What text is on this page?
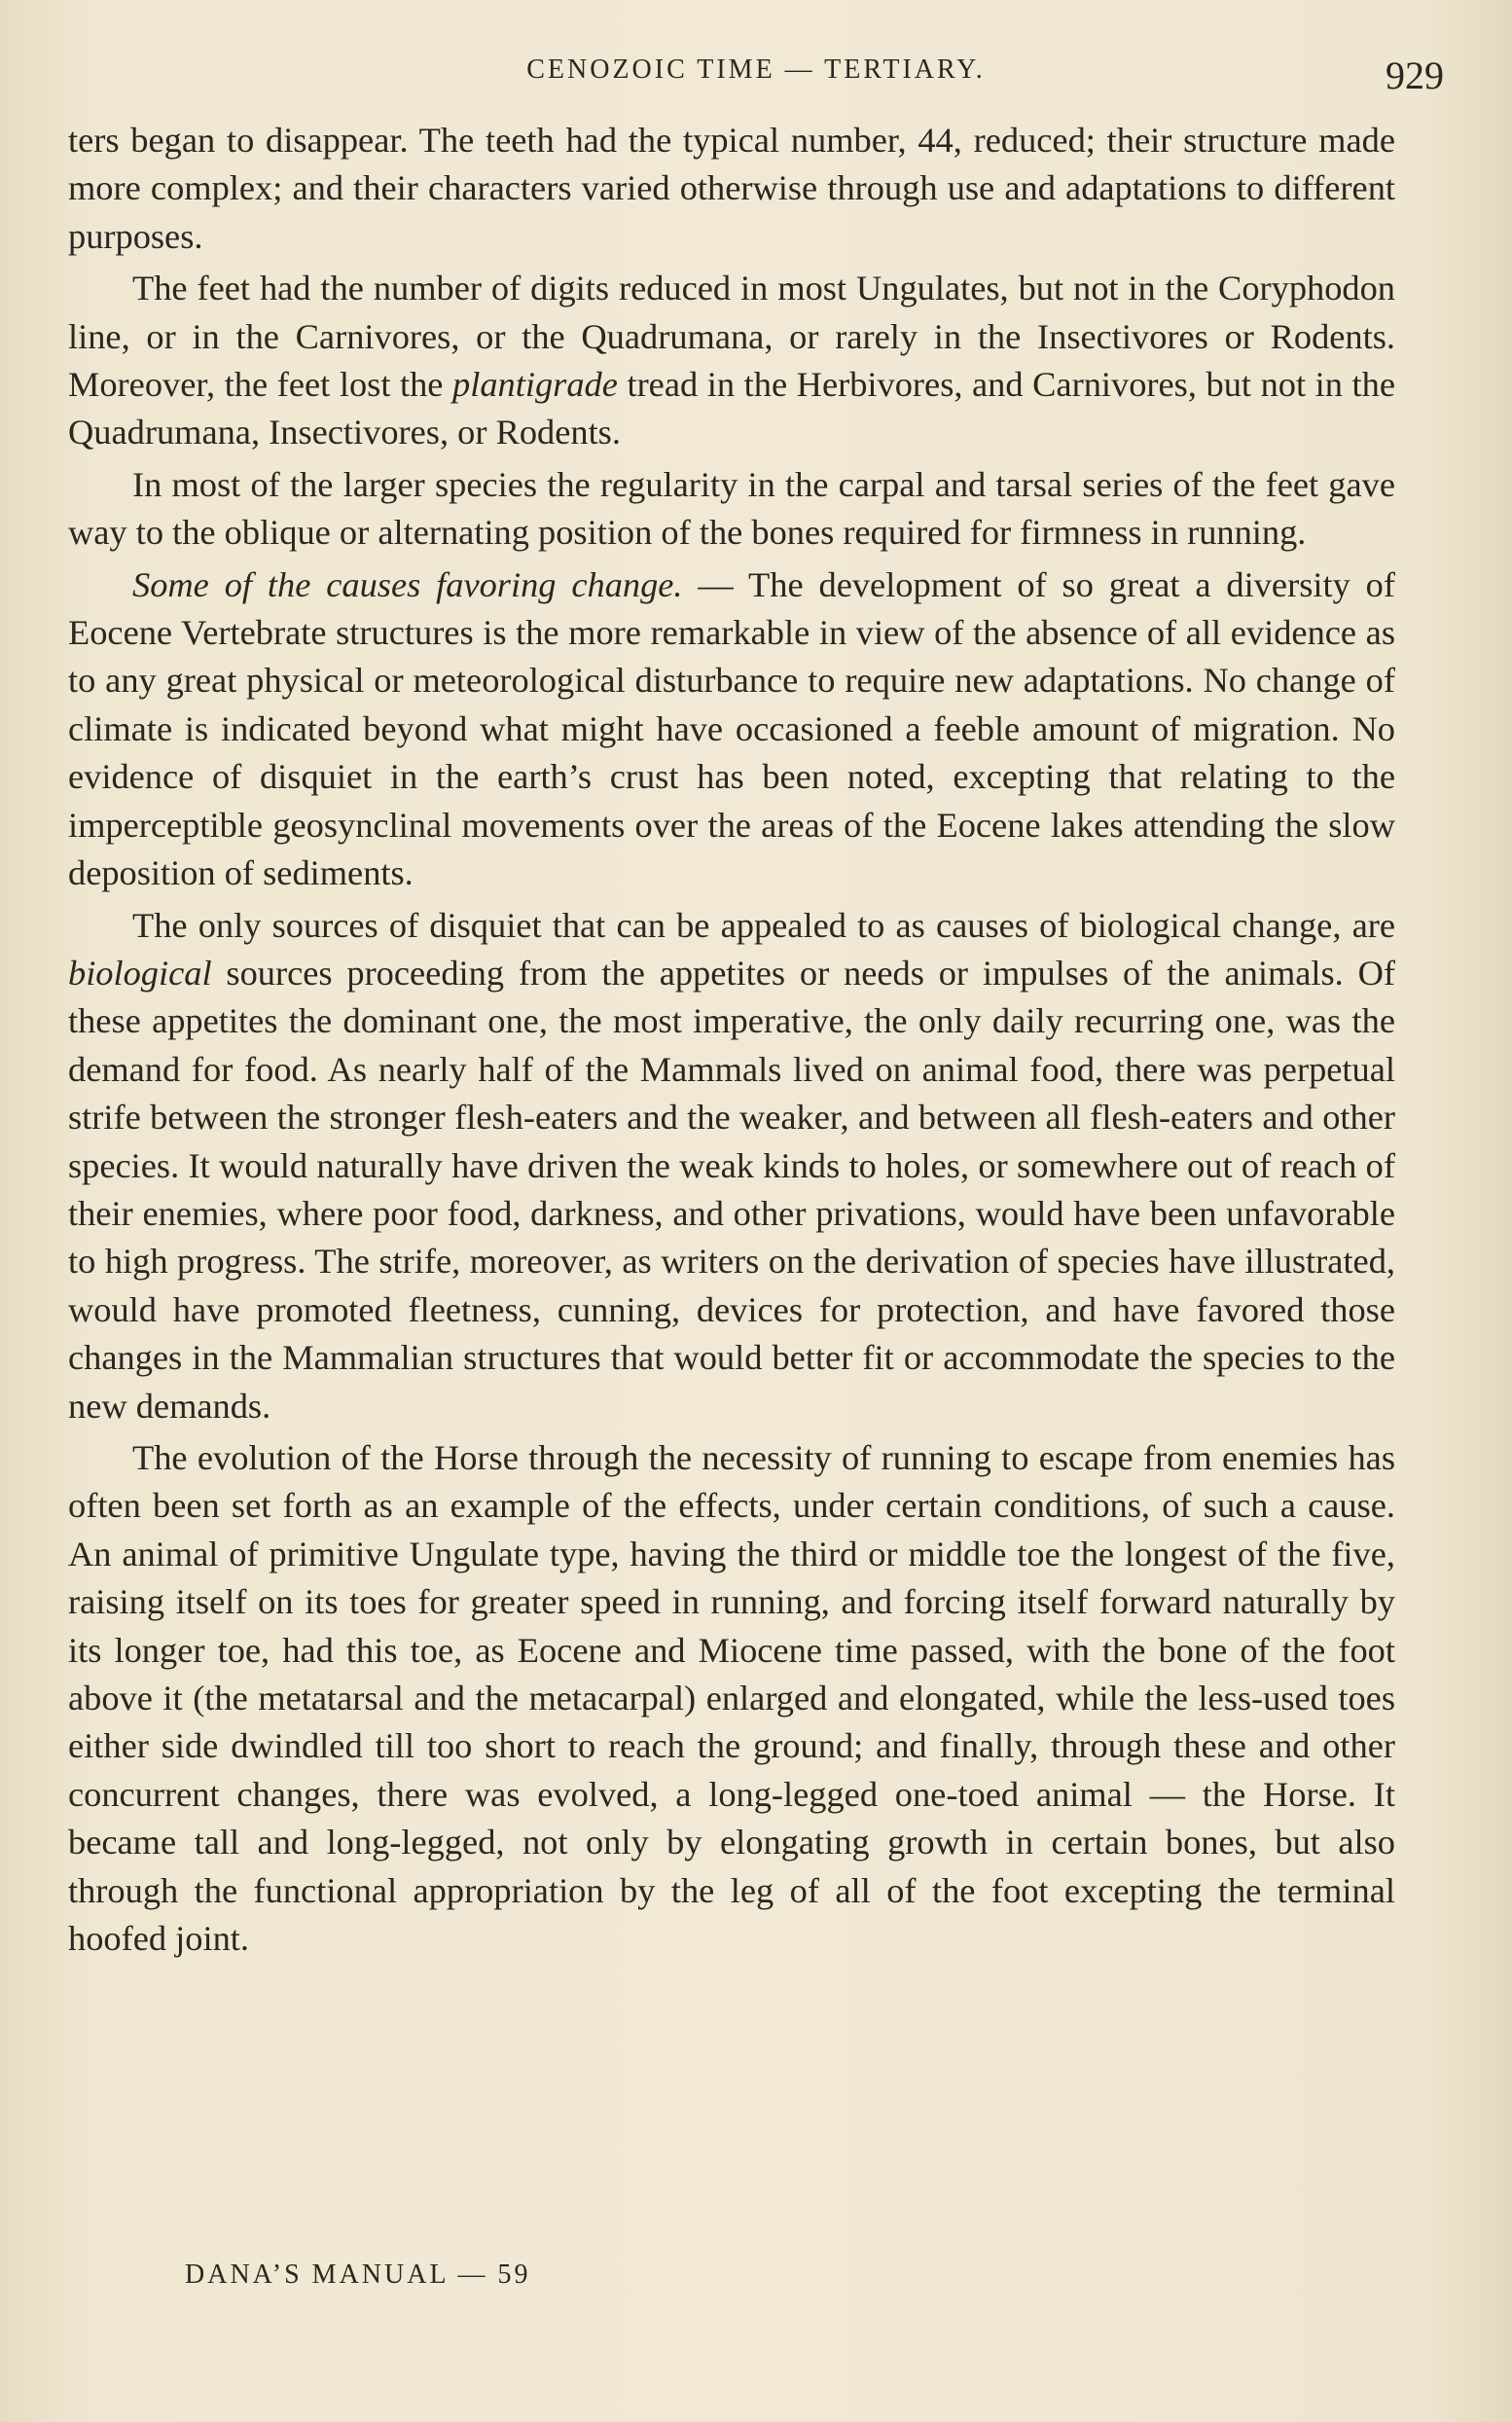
CENOZOIC TIME — TERTIARY.	929

ters began to disappear. The teeth had the typical number, 44, reduced; their structure made more complex; and their characters varied otherwise through use and adaptations to different purposes.

The feet had the number of digits reduced in most Ungulates, but not in the Coryphodon line, or in the Carnivores, or the Quadrumana, or rarely in the Insectivores or Rodents. Moreover, the feet lost the plantigrade tread in the Herbivores, and Carnivores, but not in the Quadrumana, Insectivores, or Rodents.

In most of the larger species the regularity in the carpal and tarsal series of the feet gave way to the oblique or alternating position of the bones required for firmness in running.

Some of the causes favoring change. — The development of so great a diversity of Eocene Vertebrate structures is the more remarkable in view of the absence of all evidence as to any great physical or meteorological disturbance to require new adaptations. No change of climate is indicated beyond what might have occasioned a feeble amount of migration. No evidence of disquiet in the earth’s crust has been noted, excepting that relating to the imperceptible geosynclinal movements over the areas of the Eocene lakes attending the slow deposition of sediments.

The only sources of disquiet that can be appealed to as causes of biological change, are biological sources proceeding from the appetites or needs or impulses of the animals. Of these appetites the dominant one, the most imperative, the only daily recurring one, was the demand for food. As nearly half of the Mammals lived on animal food, there was perpetual strife between the stronger flesh-eaters and the weaker, and between all flesh-eaters and other species. It would naturally have driven the weak kinds to holes, or somewhere out of reach of their enemies, where poor food, darkness, and other privations, would have been unfavorable to high progress. The strife, moreover, as writers on the derivation of species have illustrated, would have promoted fleetness, cunning, devices for protection, and have favored those changes in the Mammalian structures that would better fit or accommodate the species to the new demands.

The evolution of the Horse through the necessity of running to escape from enemies has often been set forth as an example of the effects, under certain conditions, of such a cause. An animal of primitive Ungulate type, having the third or middle toe the longest of the five, raising itself on its toes for greater speed in running, and forcing itself forward naturally by its longer toe, had this toe, as Eocene and Miocene time passed, with the bone of the foot above it (the metatarsal and the metacarpal) enlarged and elongated, while the less-used toes either side dwindled till too short to reach the ground; and finally, through these and other concurrent changes, there was evolved, a long-legged one-toed animal — the Horse. It became tall and long-legged, not only by elongating growth in certain bones, but also through the functional appropriation by the leg of all of the foot excepting the terminal hoofed joint.

DANA’S MANUAL — 59
